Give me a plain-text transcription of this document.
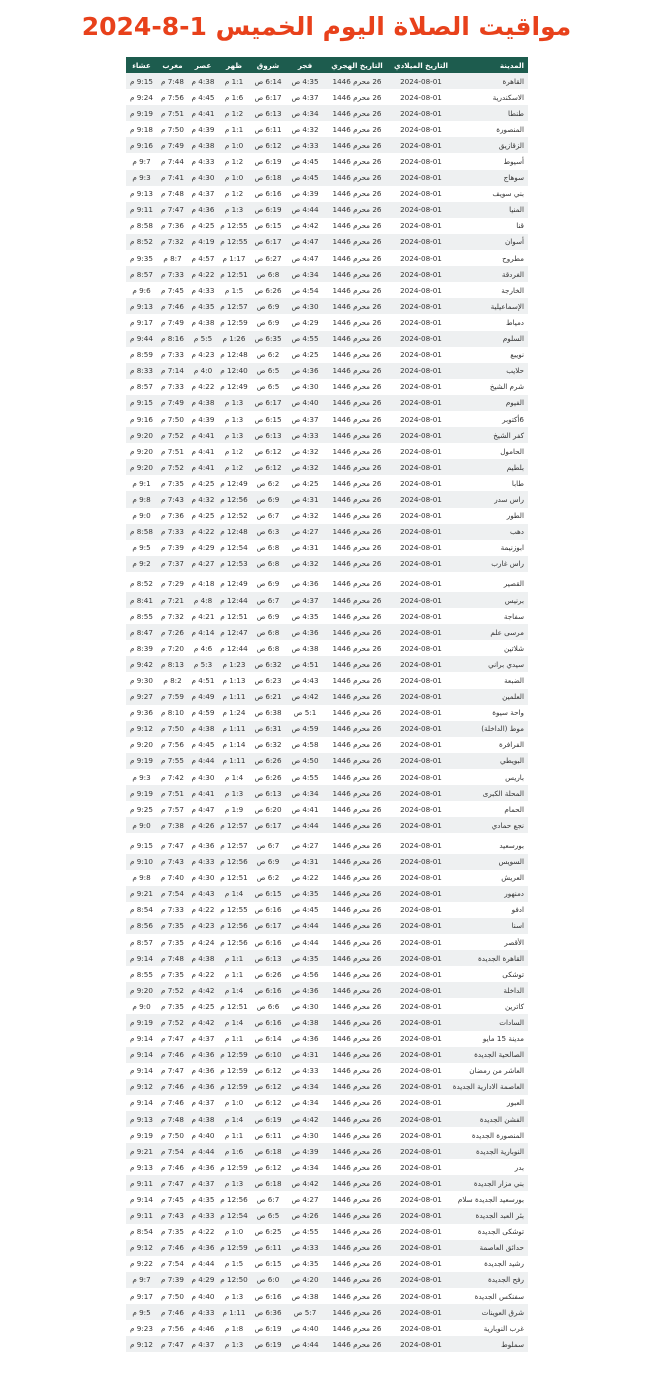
مواقيت الصلاة اليوم الخميس 1-8-2024
المدينة	التاريخ الميلادي	التاريخ الهجري	فجر	شروق	ظهر	عصر	مغرب	عشاء
القاهرة	2024-08-01	26 محرم 1446	4:35 ص	6:14 ص	1:1 م	4:38 م	7:48 م	9:15 م
الاسكندرية	2024-08-01	26 محرم 1446	4:37 ص	6:17 ص	1:6 م	4:45 م	7:56 م	9:24 م
طنطا	2024-08-01	26 محرم 1446	4:34 ص	6:13 ص	1:2 م	4:41 م	7:51 م	9:19 م
المنصورة	2024-08-01	26 محرم 1446	4:32 ص	6:11 ص	1:1 م	4:39 م	7:50 م	9:18 م
الزقازيق	2024-08-01	26 محرم 1446	4:33 ص	6:12 ص	1:0 م	4:38 م	7:49 م	9:16 م
أسيوط	2024-08-01	26 محرم 1446	4:45 ص	6:19 ص	1:2 م	4:33 م	7:44 م	9:7 م
سوهاج	2024-08-01	26 محرم 1446	4:45 ص	6:18 ص	1:0 م	4:30 م	7:41 م	9:3 م
بني سويف	2024-08-01	26 محرم 1446	4:39 ص	6:16 ص	1:2 م	4:37 م	7:48 م	9:13 م
المنيا	2024-08-01	26 محرم 1446	4:44 ص	6:19 ص	1:3 م	4:36 م	7:47 م	9:11 م
قنا	2024-08-01	26 محرم 1446	4:42 ص	6:15 ص	12:55 م	4:25 م	7:36 م	8:58 م
أسوان	2024-08-01	26 محرم 1446	4:47 ص	6:17 ص	12:55 م	4:19 م	7:32 م	8:52 م
مطروح	2024-08-01	26 محرم 1446	4:47 ص	6:27 ص	1:17 م	4:57 م	8:7 م	9:35 م
الغردقة	2024-08-01	26 محرم 1446	4:34 ص	6:8 ص	12:51 م	4:22 م	7:33 م	8:57 م
الخارجة	2024-08-01	26 محرم 1446	4:54 ص	6:26 ص	1:5 م	4:33 م	7:45 م	9:6 م
الإسماعيلية	2024-08-01	26 محرم 1446	4:30 ص	6:9 ص	12:57 م	4:35 م	7:46 م	9:13 م
دمياط	2024-08-01	26 محرم 1446	4:29 ص	6:9 ص	12:59 م	4:38 م	7:49 م	9:17 م
السلوم	2024-08-01	26 محرم 1446	4:55 ص	6:35 ص	1:26 م	5:5 م	8:16 م	9:44 م
نويبع	2024-08-01	26 محرم 1446	4:25 ص	6:2 ص	12:48 م	4:23 م	7:33 م	8:59 م
حلايب	2024-08-01	26 محرم 1446	4:36 ص	6:5 ص	12:40 م	4:0 م	7:14 م	8:33 م
شرم الشيخ	2024-08-01	26 محرم 1446	4:30 ص	6:5 ص	12:49 م	4:22 م	7:33 م	8:57 م
الفيوم	2024-08-01	26 محرم 1446	4:40 ص	6:17 ص	1:3 م	4:38 م	7:49 م	9:15 م
6أكتوبر	2024-08-01	26 محرم 1446	4:37 ص	6:15 ص	1:3 م	4:39 م	7:50 م	9:16 م
كفر الشيخ	2024-08-01	26 محرم 1446	4:33 ص	6:13 ص	1:3 م	4:41 م	7:52 م	9:20 م
الحامول	2024-08-01	26 محرم 1446	4:32 ص	6:12 ص	1:2 م	4:41 م	7:51 م	9:20 م
بلطيم	2024-08-01	26 محرم 1446	4:32 ص	6:12 ص	1:2 م	4:41 م	7:52 م	9:20 م
طابا	2024-08-01	26 محرم 1446	4:25 ص	6:2 ص	12:49 م	4:25 م	7:35 م	9:1 م
راس سدر	2024-08-01	26 محرم 1446	4:31 ص	6:9 ص	12:56 م	4:32 م	7:43 م	9:8 م
الطور	2024-08-01	26 محرم 1446	4:32 ص	6:7 ص	12:52 م	4:25 م	7:36 م	9:0 م
دهب	2024-08-01	26 محرم 1446	4:27 ص	6:3 ص	12:48 م	4:22 م	7:33 م	8:58 م
ابوزنيمة	2024-08-01	26 محرم 1446	4:31 ص	6:8 ص	12:54 م	4:29 م	7:39 م	9:5 م
راس غارب	2024-08-01	26 محرم 1446	4:32 ص	6:8 ص	12:53 م	4:27 م	7:37 م	9:2 م
القصير	2024-08-01	26 محرم 1446	4:36 ص	6:9 ص	12:49 م	4:18 م	7:29 م	8:52 م
برنيس	2024-08-01	26 محرم 1446	4:37 ص	6:7 ص	12:44 م	4:8 م	7:21 م	8:41 م
سفاجة	2024-08-01	26 محرم 1446	4:35 ص	6:9 ص	12:51 م	4:21 م	7:32 م	8:55 م
مرسى علم	2024-08-01	26 محرم 1446	4:36 ص	6:8 ص	12:47 م	4:14 م	7:26 م	8:47 م
شلاتين	2024-08-01	26 محرم 1446	4:38 ص	6:8 ص	12:44 م	4:6 م	7:20 م	8:39 م
سيدي براني	2024-08-01	26 محرم 1446	4:51 ص	6:32 ص	1:23 م	5:3 م	8:13 م	9:42 م
الضبعة	2024-08-01	26 محرم 1446	4:43 ص	6:23 ص	1:13 م	4:51 م	8:2 م	9:30 م
العلمين	2024-08-01	26 محرم 1446	4:42 ص	6:21 ص	1:11 م	4:49 م	7:59 م	9:27 م
واحة سيوة	2024-08-01	26 محرم 1446	5:1 ص	6:38 ص	1:24 م	4:59 م	8:10 م	9:36 م
موط (الداخلة)	2024-08-01	26 محرم 1446	4:59 ص	6:31 ص	1:11 م	4:38 م	7:50 م	9:12 م
الفرافرة	2024-08-01	26 محرم 1446	4:58 ص	6:32 ص	1:14 م	4:45 م	7:56 م	9:20 م
البويطي	2024-08-01	26 محرم 1446	4:50 ص	6:26 ص	1:11 م	4:44 م	7:55 م	9:19 م
باريس	2024-08-01	26 محرم 1446	4:55 ص	6:26 ص	1:4 م	4:30 م	7:42 م	9:3 م
المحلة الكبرى	2024-08-01	26 محرم 1446	4:34 ص	6:13 ص	1:3 م	4:41 م	7:51 م	9:19 م
الحمام	2024-08-01	26 محرم 1446	4:41 ص	6:20 ص	1:9 م	4:47 م	7:57 م	9:25 م
نجع حمادي	2024-08-01	26 محرم 1446	4:44 ص	6:17 ص	12:57 م	4:26 م	7:38 م	9:0 م
بورسعيد	2024-08-01	26 محرم 1446	4:27 ص	6:7 ص	12:57 م	4:36 م	7:47 م	9:15 م
السويس	2024-08-01	26 محرم 1446	4:31 ص	6:9 ص	12:56 م	4:33 م	7:43 م	9:10 م
العريش	2024-08-01	26 محرم 1446	4:22 ص	6:2 ص	12:51 م	4:30 م	7:40 م	9:8 م
دمنهور	2024-08-01	26 محرم 1446	4:35 ص	6:15 ص	1:4 م	4:43 م	7:54 م	9:21 م
ادفو	2024-08-01	26 محرم 1446	4:45 ص	6:16 ص	12:55 م	4:22 م	7:33 م	8:54 م
اسنا	2024-08-01	26 محرم 1446	4:44 ص	6:17 ص	12:56 م	4:23 م	7:35 م	8:56 م
الأقصر	2024-08-01	26 محرم 1446	4:44 ص	6:16 ص	12:56 م	4:24 م	7:35 م	8:57 م
القاهرة الجديدة	2024-08-01	26 محرم 1446	4:35 ص	6:13 ص	1:1 م	4:38 م	7:48 م	9:14 م
توشكى	2024-08-01	26 محرم 1446	4:56 ص	6:26 ص	1:1 م	4:22 م	7:35 م	8:55 م
الداخلة	2024-08-01	26 محرم 1446	4:36 ص	6:16 ص	1:4 م	4:42 م	7:52 م	9:20 م
كاترين	2024-08-01	26 محرم 1446	4:30 ص	6:6 ص	12:51 م	4:25 م	7:35 م	9:0 م
السادات	2024-08-01	26 محرم 1446	4:38 ص	6:16 ص	1:4 م	4:42 م	7:52 م	9:19 م
مدينة 15 مايو	2024-08-01	26 محرم 1446	4:36 ص	6:14 ص	1:1 م	4:37 م	7:47 م	9:14 م
الصالحية الجديدة	2024-08-01	26 محرم 1446	4:31 ص	6:10 ص	12:59 م	4:36 م	7:46 م	9:14 م
العاشر من رمضان	2024-08-01	26 محرم 1446	4:33 ص	6:12 ص	12:59 م	4:36 م	7:47 م	9:14 م
العاصمة الادارية الجديدة	2024-08-01	26 محرم 1446	4:34 ص	6:12 ص	12:59 م	4:36 م	7:46 م	9:12 م
العبور	2024-08-01	26 محرم 1446	4:34 ص	6:12 ص	1:0 م	4:37 م	7:46 م	9:14 م
الفشن الجديدة	2024-08-01	26 محرم 1446	4:42 ص	6:19 ص	1:4 م	4:38 م	7:48 م	9:13 م
المنصورة الجديدة	2024-08-01	26 محرم 1446	4:30 ص	6:11 ص	1:1 م	4:40 م	7:50 م	9:19 م
النوبارية الجديدة	2024-08-01	26 محرم 1446	4:39 ص	6:18 ص	1:6 م	4:44 م	7:54 م	9:21 م
بدر	2024-08-01	26 محرم 1446	4:34 ص	6:12 ص	12:59 م	4:36 م	7:46 م	9:13 م
بني مزار الجديدة	2024-08-01	26 محرم 1446	4:42 ص	6:18 ص	1:3 م	4:37 م	7:47 م	9:11 م
بورسعيد الجديدة سلام	2024-08-01	26 محرم 1446	4:27 ص	6:7 ص	12:56 م	4:35 م	7:45 م	9:14 م
بئر العبد الجديدة	2024-08-01	26 محرم 1446	4:26 ص	6:5 ص	12:54 م	4:33 م	7:43 م	9:11 م
توشكى الجديدة	2024-08-01	26 محرم 1446	4:55 ص	6:25 ص	1:0 م	4:22 م	7:35 م	8:54 م
حدائق العاصمة	2024-08-01	26 محرم 1446	4:33 ص	6:11 ص	12:59 م	4:36 م	7:46 م	9:12 م
رشيد الجديدة	2024-08-01	26 محرم 1446	4:35 ص	6:15 ص	1:5 م	4:44 م	7:54 م	9:22 م
رفح الجديدة	2024-08-01	26 محرم 1446	4:20 ص	6:0 ص	12:50 م	4:29 م	7:39 م	9:7 م
سفنكس الجديدة	2024-08-01	26 محرم 1446	4:38 ص	6:16 ص	1:3 م	4:40 م	7:50 م	9:17 م
شرق العوينات	2024-08-01	26 محرم 1446	5:7 ص	6:36 ص	1:11 م	4:33 م	7:46 م	9:5 م
غرب النوبارية	2024-08-01	26 محرم 1446	4:40 ص	6:19 ص	1:8 م	4:46 م	7:56 م	9:23 م
سملوط	2024-08-01	26 محرم 1446	4:44 ص	6:19 ص	1:3 م	4:37 م	7:47 م	9:12 م
